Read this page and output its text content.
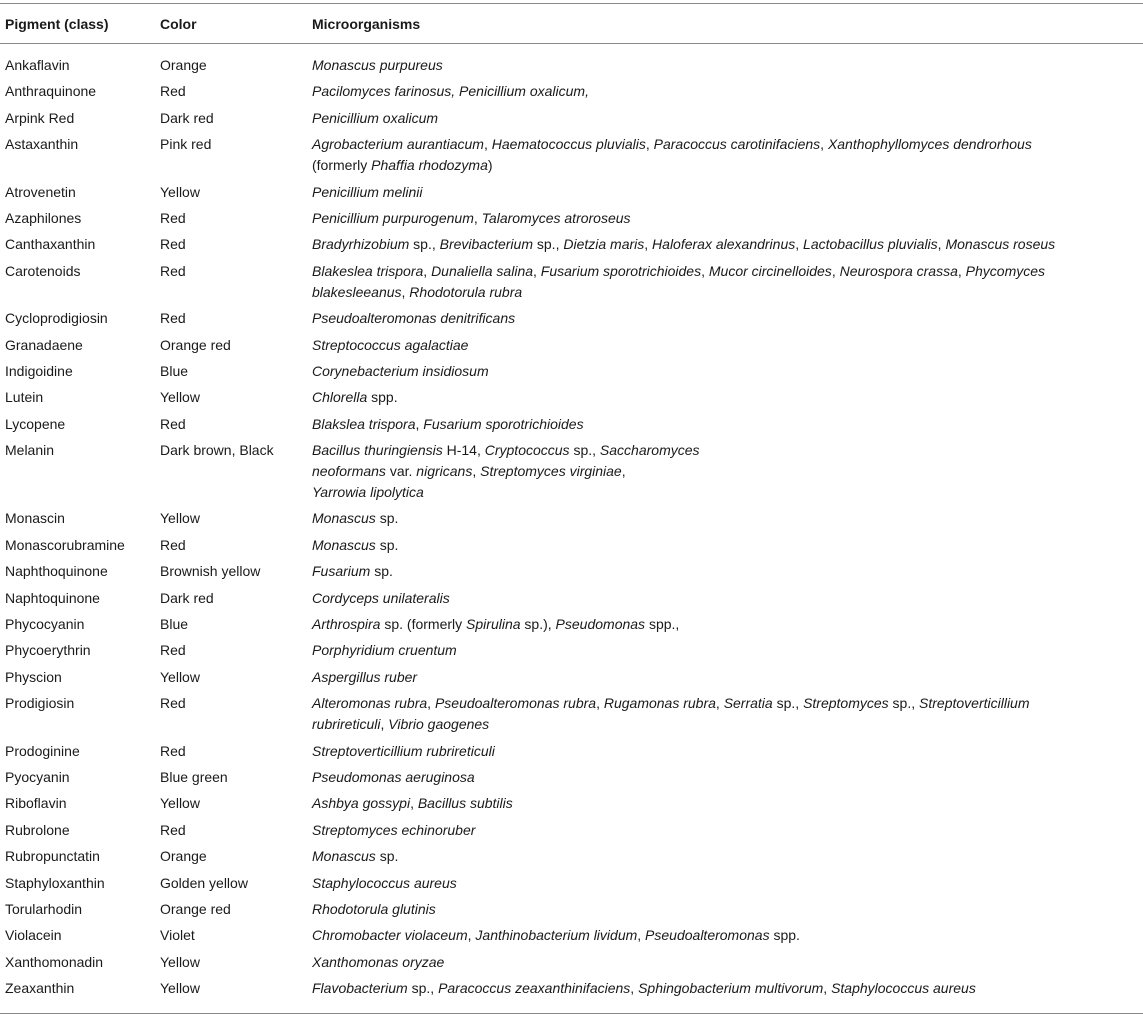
Pigment (class)	Color	Microorganisms
Ankaflavin	Orange	Monascus purpureus
Anthraquinone	Red	Pacilomyces farinosus, Penicillium oxalicum,
Arpink Red	Dark red	Penicillium oxalicum
Astaxanthin	Pink red	Agrobacterium aurantiacum, Haematococcus pluvialis, Paracoccus carotinifaciens, Xanthophyllomyces dendrorhous
(formerly Phaffia rhodozyma)
Atrovenetin	Yellow	Penicillium melinii
Azaphilones	Red	Penicillium purpurogenum, Talaromyces atroroseus
Canthaxanthin	Red	Bradyrhizobium sp., Brevibacterium sp., Dietzia maris, Haloferax alexandrinus, Lactobacillus pluvialis, Monascus roseus
Carotenoids	Red	Blakeslea trispora, Dunaliella salina, Fusarium sporotrichioides, Mucor circinelloides, Neurospora crassa, Phycomyces
blakesleeanus, Rhodotorula rubra
Cycloprodigiosin	Red	Pseudoalteromonas denitrificans
Granadaene	Orange red	Streptococcus agalactiae
Indigoidine	Blue	Corynebacterium insidiosum
Lutein	Yellow	Chlorella spp.
Lycopene	Red	Blakslea trispora, Fusarium sporotrichioides
Melanin	Dark brown, Black	Bacillus thuringiensis H-14, Cryptococcus sp., Saccharomyces
neoformans var. nigricans, Streptomyces virginiae,
Yarrowia lipolytica
Monascin	Yellow	Monascus sp.
Monascorubramine	Red	Monascus sp.
Naphthoquinone	Brownish yellow	Fusarium sp.
Naphtoquinone	Dark red	Cordyceps unilateralis
Phycocyanin	Blue	Arthrospira sp. (formerly Spirulina sp.), Pseudomonas spp.,
Phycoerythrin	Red	Porphyridium cruentum
Physcion	Yellow	Aspergillus ruber
Prodigiosin	Red	Alteromonas rubra, Pseudoalteromonas rubra, Rugamonas rubra, Serratia sp., Streptomyces sp., Streptoverticillium
rubrireticuli, Vibrio gaogenes
Prodoginine	Red	Streptoverticillium rubrireticuli
Pyocyanin	Blue green	Pseudomonas aeruginosa
Riboflavin	Yellow	Ashbya gossypi, Bacillus subtilis
Rubrolone	Red	Streptomyces echinoruber
Rubropunctatin	Orange	Monascus sp.
Staphyloxanthin	Golden yellow	Staphylococcus aureus
Torularhodin	Orange red	Rhodotorula glutinis
Violacein	Violet	Chromobacter violaceum, Janthinobacterium lividum, Pseudoalteromonas spp.
Xanthomonadin	Yellow	Xanthomonas oryzae
Zeaxanthin	Yellow	Flavobacterium sp., Paracoccus zeaxanthinifaciens, Sphingobacterium multivorum, Staphylococcus aureus
